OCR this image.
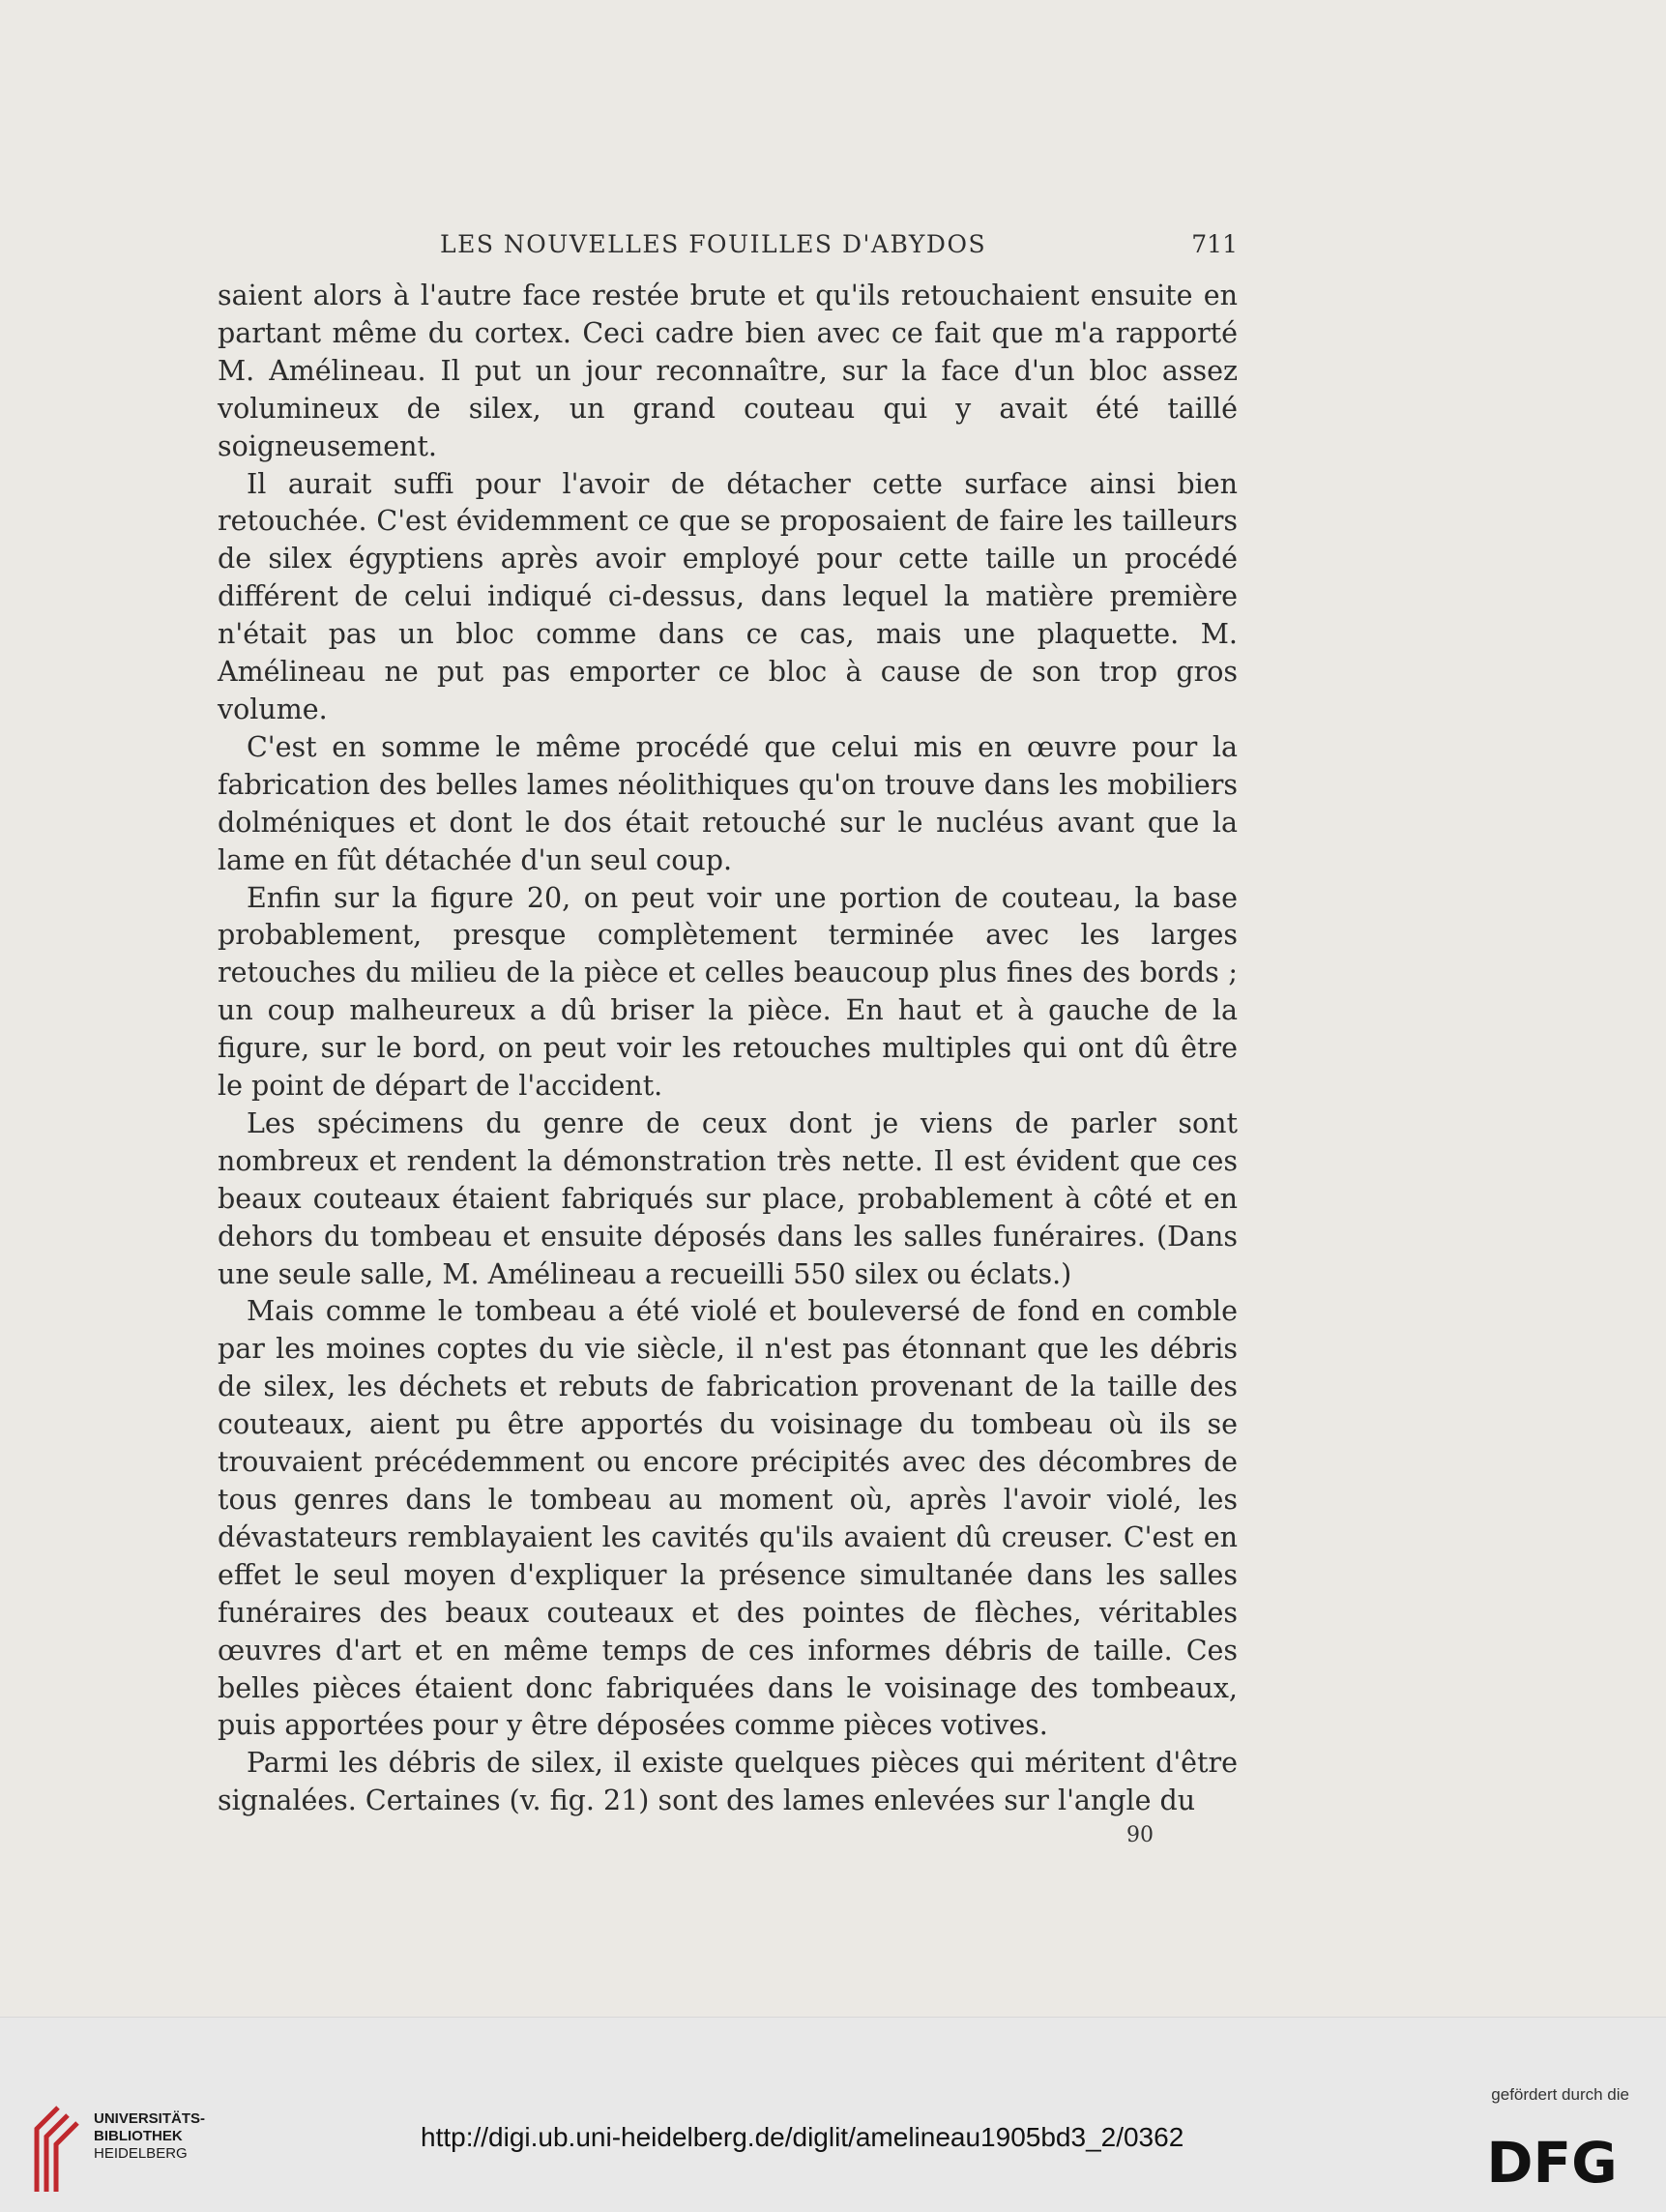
LES NOUVELLES FOUILLES D'ABYDOS	711

saient alors à l'autre face restée brute et qu'ils retouchaient ensuite en partant même du cortex. Ceci cadre bien avec ce fait que m'a rapporté M. Amélineau. Il put un jour reconnaître, sur la face d'un bloc assez volumineux de silex, un grand couteau qui y avait été taillé soigneusement.

Il aurait suffi pour l'avoir de détacher cette surface ainsi bien retouchée. C'est évidemment ce que se proposaient de faire les tailleurs de silex égyptiens après avoir employé pour cette taille un procédé différent de celui indiqué ci-dessus, dans lequel la matière première n'était pas un bloc comme dans ce cas, mais une plaquette. M. Amélineau ne put pas emporter ce bloc à cause de son trop gros volume.

C'est en somme le même procédé que celui mis en œuvre pour la fabrication des belles lames néolithiques qu'on trouve dans les mobiliers dolméniques et dont le dos était retouché sur le nucléus avant que la lame en fût détachée d'un seul coup.

Enfin sur la figure 20, on peut voir une portion de couteau, la base probablement, presque complètement terminée avec les larges retouches du milieu de la pièce et celles beaucoup plus fines des bords ; un coup malheureux a dû briser la pièce. En haut et à gauche de la figure, sur le bord, on peut voir les retouches multiples qui ont dû être le point de départ de l'accident.

Les spécimens du genre de ceux dont je viens de parler sont nombreux et rendent la démonstration très nette. Il est évident que ces beaux couteaux étaient fabriqués sur place, probablement à côté et en dehors du tombeau et ensuite déposés dans les salles funéraires. (Dans une seule salle, M. Amélineau a recueilli 550 silex ou éclats.)

Mais comme le tombeau a été violé et bouleversé de fond en comble par les moines coptes du vie siècle, il n'est pas étonnant que les débris de silex, les déchets et rebuts de fabrication provenant de la taille des couteaux, aient pu être apportés du voisinage du tombeau où ils se trouvaient précédemment ou encore précipités avec des décombres de tous genres dans le tombeau au moment où, après l'avoir violé, les dévastateurs remblayaient les cavités qu'ils avaient dû creuser. C'est en effet le seul moyen d'expliquer la présence simultanée dans les salles funéraires des beaux couteaux et des pointes de flèches, véritables œuvres d'art et en même temps de ces informes débris de taille. Ces belles pièces étaient donc fabriquées dans le voisinage des tombeaux, puis apportées pour y être déposées comme pièces votives.

Parmi les débris de silex, il existe quelques pièces qui méritent d'être signalées. Certaines (v. fig. 21) sont des lames enlevées sur l'angle du

90
UNIVERSITÄTS-
BIBLIOTHEK
HEIDELBERG
http://digi.ub.uni-heidelberg.de/diglit/amelineau1905bd3_2/0362
gefördert durch die
DFG
